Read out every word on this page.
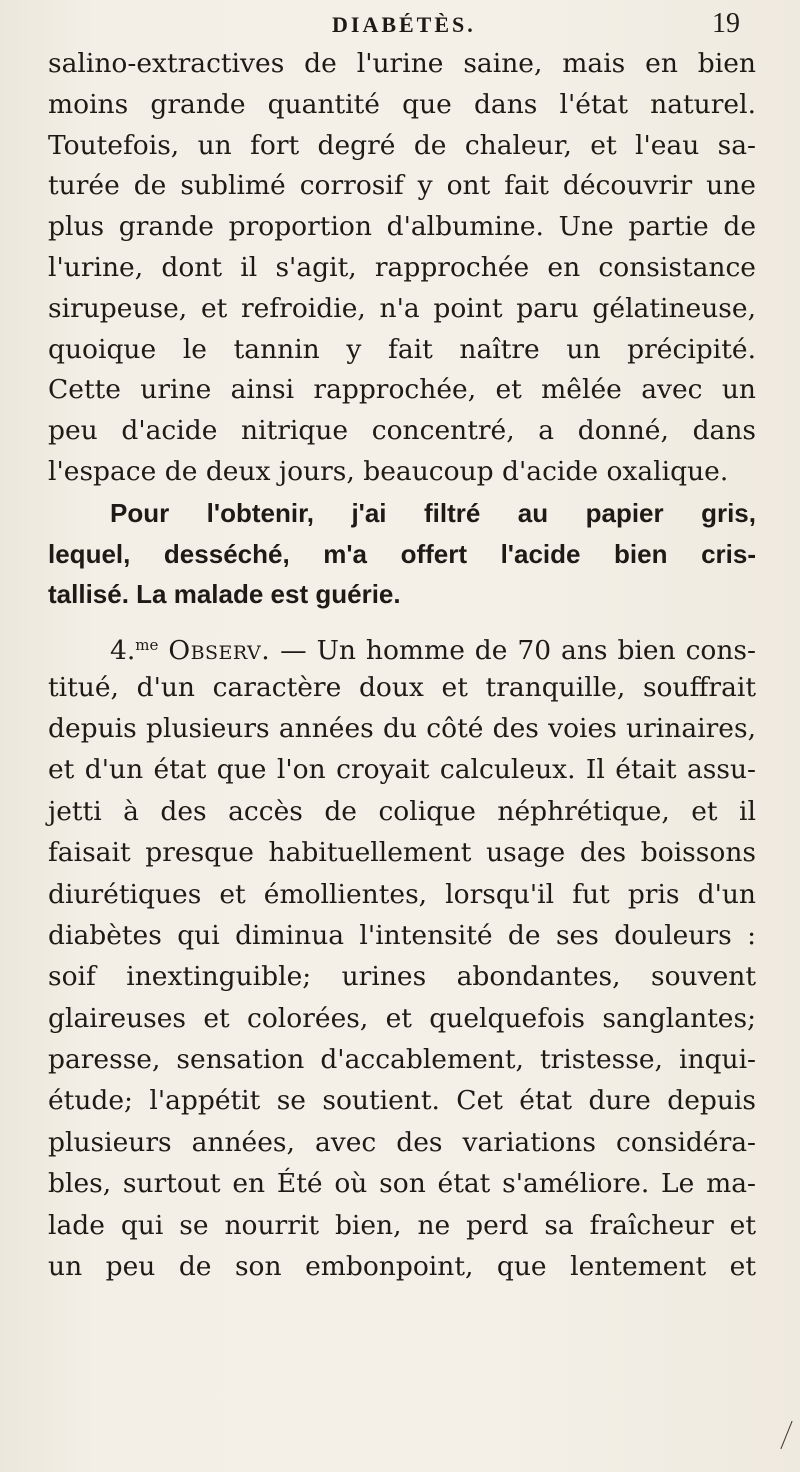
DIABÉTÈS.	19
salino-extractives de l'urine saine, mais en bien
moins grande quantité que dans l'état naturel.
Toutefois, un fort degré de chaleur, et l'eau sa-
turée de sublimé corrosif y ont fait découvrir une
plus grande proportion d'albumine. Une partie de
l'urine, dont il s'agit, rapprochée en consistance
sirupeuse, et refroidie, n'a point paru gélatineuse,
quoique le tannin y fait naître un précipité.
Cette urine ainsi rapprochée, et mêlée avec un
peu d'acide nitrique concentré, a donné, dans
l'espace de deux jours, beaucoup d'acide oxalique.
Pour l'obtenir, j'ai filtré au papier gris,
lequel, desséché, m'a offert l'acide bien cris-
tallisé. La malade est guérie.
4.$^{me}$ Observ. — Un homme de 70 ans bien cons-
titué, d'un caractère doux et tranquille, souffrait
depuis plusieurs années du côté des voies urinaires,
et d'un état que l'on croyait calculeux. Il était assu-
jetti à des accès de colique néphrétique, et il
faisait presque habituellement usage des boissons
diurétiques et émollientes, lorsqu'il fut pris d'un
diabètes qui diminua l'intensité de ses douleurs :
soif inextinguible; urines abondantes, souvent
glaireuses et colorées, et quelquefois sanglantes;
paresse, sensation d'accablement, tristesse, inqui-
étude; l'appétit se soutient. Cet état dure depuis
plusieurs années, avec des variations considéra-
bles, surtout en Été où son état s'améliore. Le ma-
lade qui se nourrit bien, ne perd sa fraîcheur et
un peu de son embonpoint, que lentement et
